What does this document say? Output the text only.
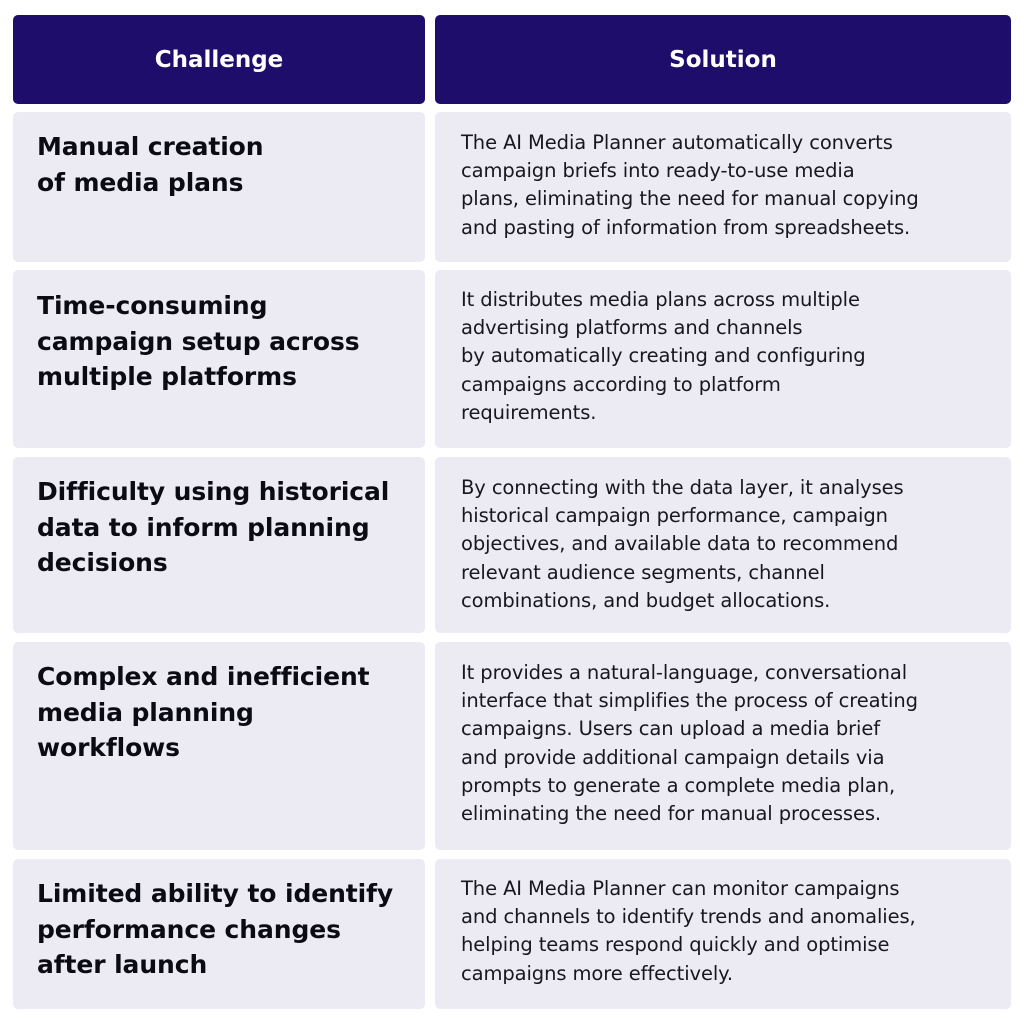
Challenge	Solution
Manual creation
of media plans
The AI Media Planner automatically converts
campaign briefs into ready-to-use media
plans, eliminating the need for manual copying
and pasting of information from spreadsheets.
Time-consuming
campaign setup across
multiple platforms
It distributes media plans across multiple
advertising platforms and channels
by automatically creating and configuring
campaigns according to platform
requirements.
Difficulty using historical
data to inform planning
decisions
By connecting with the data layer, it analyses
historical campaign performance, campaign
objectives, and available data to recommend
relevant audience segments, channel
combinations, and budget allocations.
Complex and inefficient
media planning
workflows
It provides a natural-language, conversational
interface that simplifies the process of creating
campaigns. Users can upload a media brief
and provide additional campaign details via
prompts to generate a complete media plan,
eliminating the need for manual processes.
Limited ability to identify
performance changes
after launch
The AI Media Planner can monitor campaigns
and channels to identify trends and anomalies,
helping teams respond quickly and optimise
campaigns more effectively.
